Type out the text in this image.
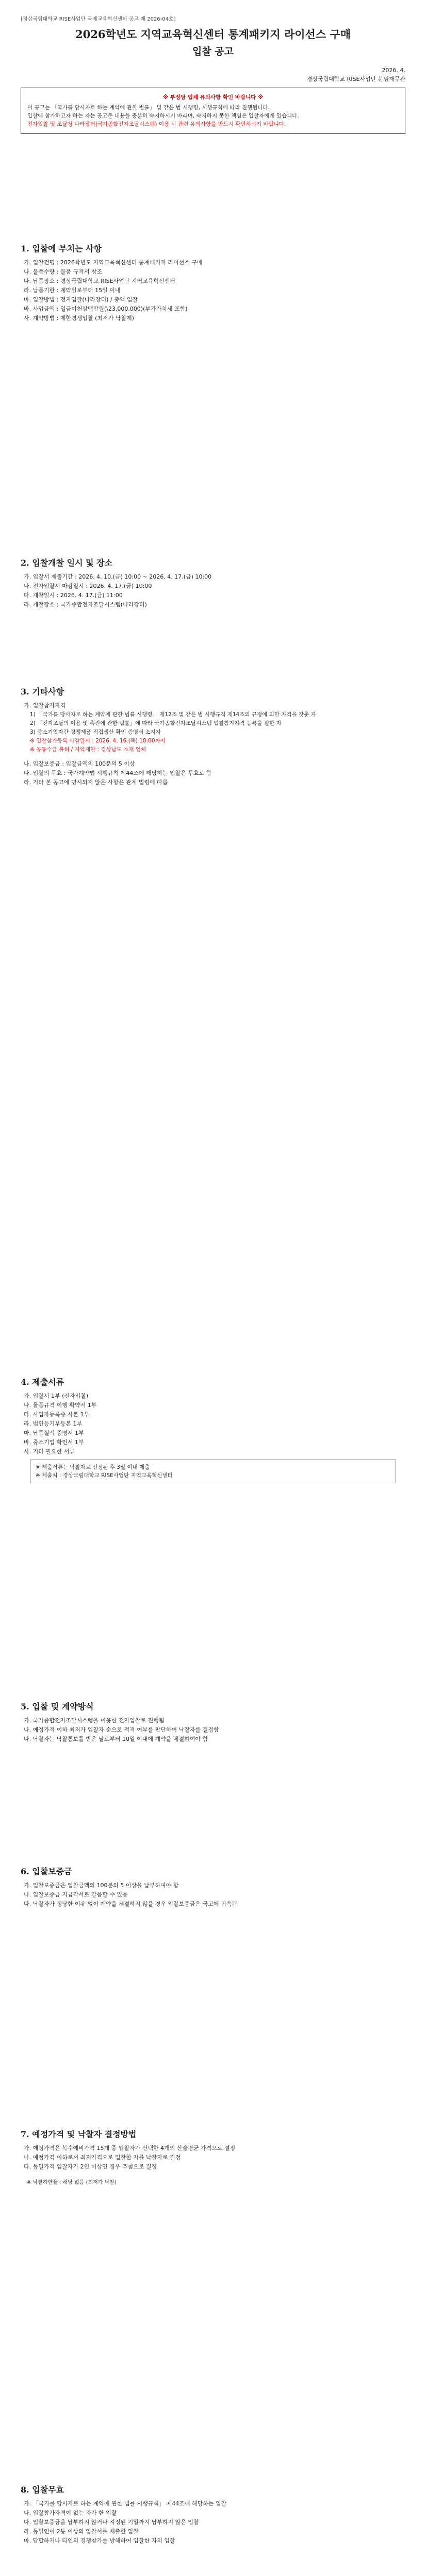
[경상국립대학교 RISE사업단 국제교육혁신센터 공고 제 2026-04호]
2026학년도 지역교육혁신센터 통계패키지 라이선스 구매
입찰 공고
2026. 4.
경상국립대학교 RISE사업단 분임재무관
※ 부정당 업체 유의사항 확인 바랍니다 ※
이 공고는 「국가를 당사자로 하는 계약에 관한 법률」 및 같은 법 시행령, 시행규칙에 따라 진행됩니다.
입찰에 참가하고자 하는 자는 공고문 내용을 충분히 숙지하시기 바라며, 숙지하지 못한 책임은 입찰자에게 있습니다.
전자입찰 및 조달청 나라장터(국가종합전자조달시스템) 이용 시 관련 유의사항을 반드시 확인하시기 바랍니다.
1. 입찰에 부치는 사항
가. 입찰건명 : 2026학년도 지역교육혁신센터 통계패키지 라이선스 구매
나. 물품수량 : 물품 규격서 참조
다. 납품장소 : 경상국립대학교 RISE사업단 지역교육혁신센터
라. 납품기한 : 계약일로부터 15일 이내
마. 입찰방법 : 전자입찰(나라장터) / 총액 입찰
바. 사업금액 : 일금이천삼백만원(\23,000,000)(부가가치세 포함)
사. 계약방법 : 제한경쟁입찰 (최저가 낙찰제)
2. 입찰개찰 일시 및 장소
가. 입찰서 제출기간 : 2026. 4. 10.(금) 10:00 ~ 2026. 4. 17.(금) 10:00
나. 전자입찰서 마감일시 : 2026. 4. 17.(금) 10:00
다. 개찰일시 : 2026. 4. 17.(금) 11:00
라. 개찰장소 : 국가종합전자조달시스템(나라장터)
3. 기타사항
가. 입찰참가자격
1) 「국가를 당사자로 하는 계약에 관한 법률 시행령」 제12조 및 같은 법 시행규칙 제14조의 규정에 의한 자격을 갖춘 자
2) 「전자조달의 이용 및 촉진에 관한 법률」에 따라 국가종합전자조달시스템 입찰참가자격 등록을 필한 자
3) 중소기업자간 경쟁제품 직접생산 확인 증명서 소지자
※ 입찰참가등록 마감일시 : 2026. 4. 16.(목) 18:00까지
※ 공동수급 불허 / 지역제한 : 경상남도 소재 업체
나. 입찰보증금 : 입찰금액의 100분의 5 이상
다. 입찰의 무효 : 국가계약법 시행규칙 제44조에 해당하는 입찰은 무효로 함
라. 기타 본 공고에 명시되지 않은 사항은 관계 법령에 따름
4. 제출서류
가. 입찰서 1부 (전자입찰)
나. 물품규격 이행 확약서 1부
다. 사업자등록증 사본 1부
라. 법인등기부등본 1부
마. 납품실적 증명서 1부
바. 중소기업 확인서 1부
사. 기타 필요한 서류
※ 제출서류는 낙찰자로 선정된 후 3일 이내 제출
※ 제출처 : 경상국립대학교 RISE사업단 지역교육혁신센터
5. 입찰 및 계약방식
가. 국가종합전자조달시스템을 이용한 전자입찰로 진행됨
나. 예정가격 이하 최저가 입찰자 순으로 적격 여부를 판단하여 낙찰자를 결정함
다. 낙찰자는 낙찰통보를 받은 날로부터 10일 이내에 계약을 체결하여야 함
6. 입찰보증금
가. 입찰보증금은 입찰금액의 100분의 5 이상을 납부하여야 함
나. 입찰보증금 지급각서로 갈음할 수 있음
다. 낙찰자가 정당한 이유 없이 계약을 체결하지 않을 경우 입찰보증금은 국고에 귀속됨
7. 예정가격 및 낙찰자 결정방법
가. 예정가격은 복수예비가격 15개 중 입찰자가 선택한 4개의 산술평균 가격으로 결정
나. 예정가격 이하로서 최저가격으로 입찰한 자를 낙찰자로 결정
다. 동일가격 입찰자가 2인 이상인 경우 추첨으로 결정
※ 낙찰하한율 : 해당 없음 (최저가 낙찰)
8. 입찰무효
가. 「국가를 당사자로 하는 계약에 관한 법률 시행규칙」 제44조에 해당하는 입찰
나. 입찰참가자격이 없는 자가 한 입찰
다. 입찰보증금을 납부하지 않거나 지정된 기일까지 납부하지 않은 입찰
라. 동일인이 2통 이상의 입찰서를 제출한 입찰
마. 담합하거나 타인의 경쟁참가를 방해하여 입찰한 자의 입찰
